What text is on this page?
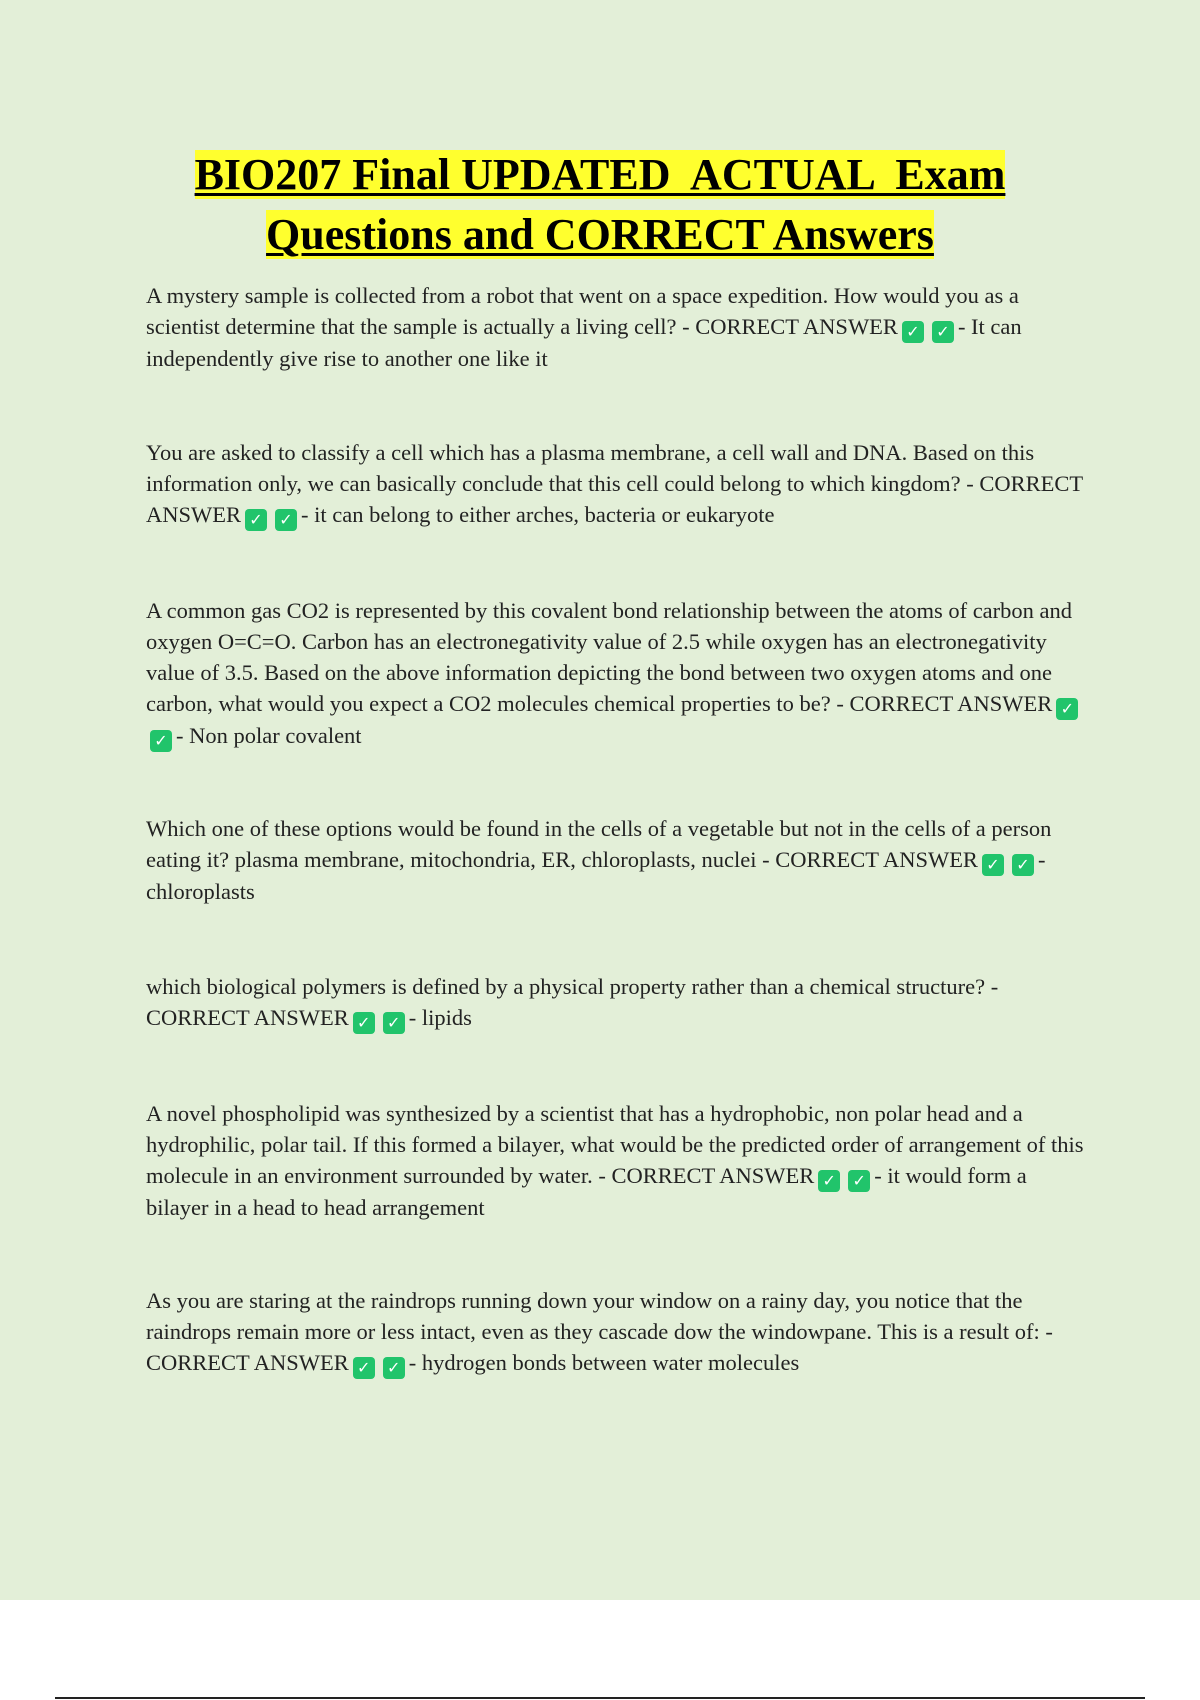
BIO207 Final UPDATED  ACTUAL  Exam
Questions and CORRECT Answers
A mystery sample is collected from a robot that went on a space expedition. How would you as a scientist determine that the sample is actually a living cell? - CORRECT ANSWER ✓ ✓ - It can independently give rise to another one like it
You are asked to classify a cell which has a plasma membrane, a cell wall and DNA. Based on this information only, we can basically conclude that this cell could belong to which kingdom? - CORRECT ANSWER ✓ ✓ - it can belong to either arches, bacteria or eukaryote
A common gas CO2 is represented by this covalent bond relationship between the atoms of carbon and oxygen O=C=O. Carbon has an electronegativity value of 2.5 while oxygen has an electronegativity value of 3.5. Based on the above information depicting the bond between two oxygen atoms and one carbon, what would you expect a CO2 molecules chemical properties to be? - CORRECT ANSWER ✓✓ - Non polar covalent
Which one of these options would be found in the cells of a vegetable but not in the cells of a person eating it? plasma membrane, mitochondria, ER, chloroplasts, nuclei - CORRECT ANSWER ✓ ✓ - chloroplasts
which biological polymers is defined by a physical property rather than a chemical structure? - CORRECT ANSWER ✓ ✓ - lipids
A novel phospholipid was synthesized by a scientist that has a hydrophobic, non polar head and a hydrophilic, polar tail. If this formed a bilayer, what would be the predicted order of arrangement of this molecule in an environment surrounded by water. - CORRECT ANSWER ✓ ✓ - it would form a bilayer in a head to head arrangement
As you are staring at the raindrops running down your window on a rainy day, you notice that the raindrops remain more or less intact, even as they cascade dow the windowpane. This is a result of: - CORRECT ANSWER ✓ ✓ - hydrogen bonds between water molecules
